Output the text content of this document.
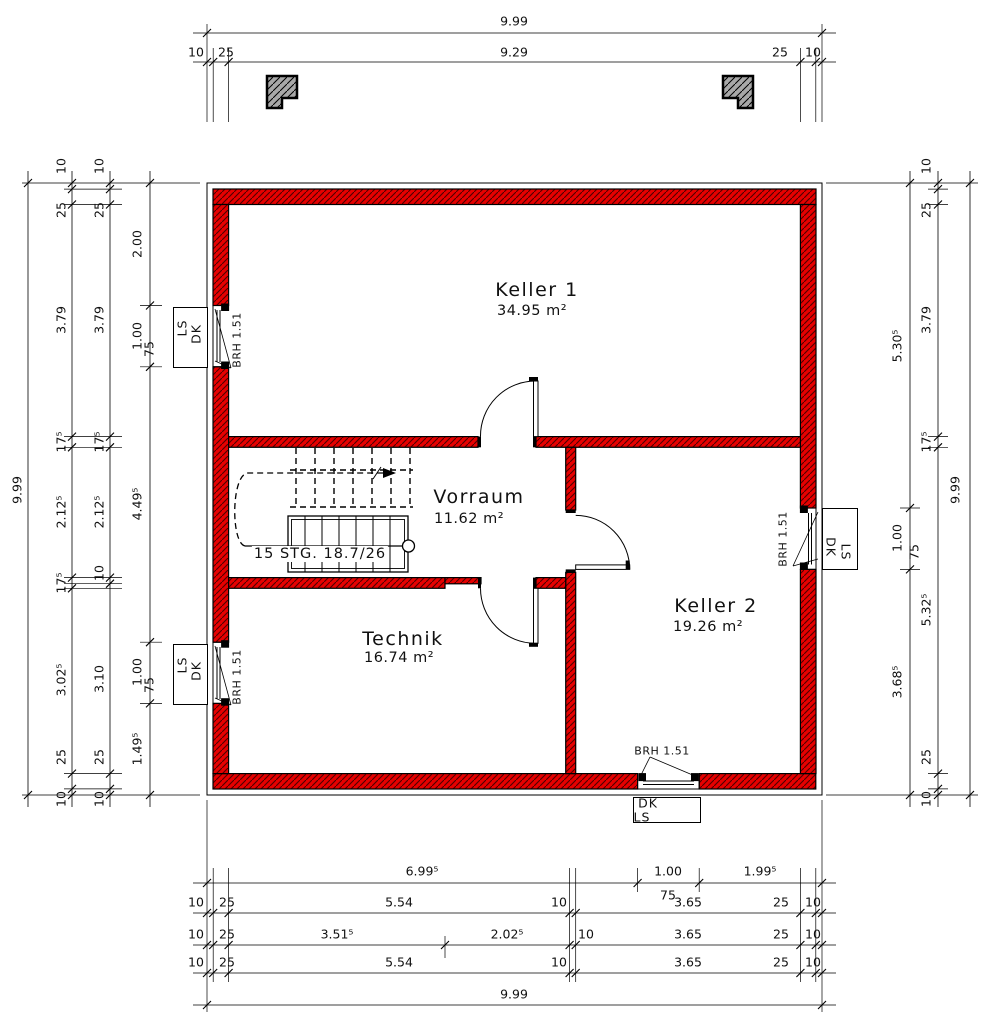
Keller 1
34.95 m²
Vorraum
11.62 m²
Technik
16.74 m²
Keller 2
19.26 m²
15 STG. 18.7/26
9.99
10 25	9.29	25 10
6.99⁵	1.00	1.99⁵
75
10 25	5.54	10	3.65	25 10
10 25	3.51⁵	2.02⁵	10	3.65	25 10
10 25	5.54	10	3.65	25 10
9.99
9.99
10
25
3.79
17⁵
2.12⁵
17⁵
3.02⁵
25
10
10
25
3.79
17⁵
2.12⁵
10
3.10
25
10
2.00
1.00
75
4.49⁵
1.00
75
1.49⁵
5.30⁵
1.00
75
3.68⁵
10
25
3.79
17⁵
5.32⁵
25
10
9.99
BRH 1.51
BRH 1.51
BRH 1.51
BRH 1.51
LS DK
LS DK
DK LS
DK
LS
